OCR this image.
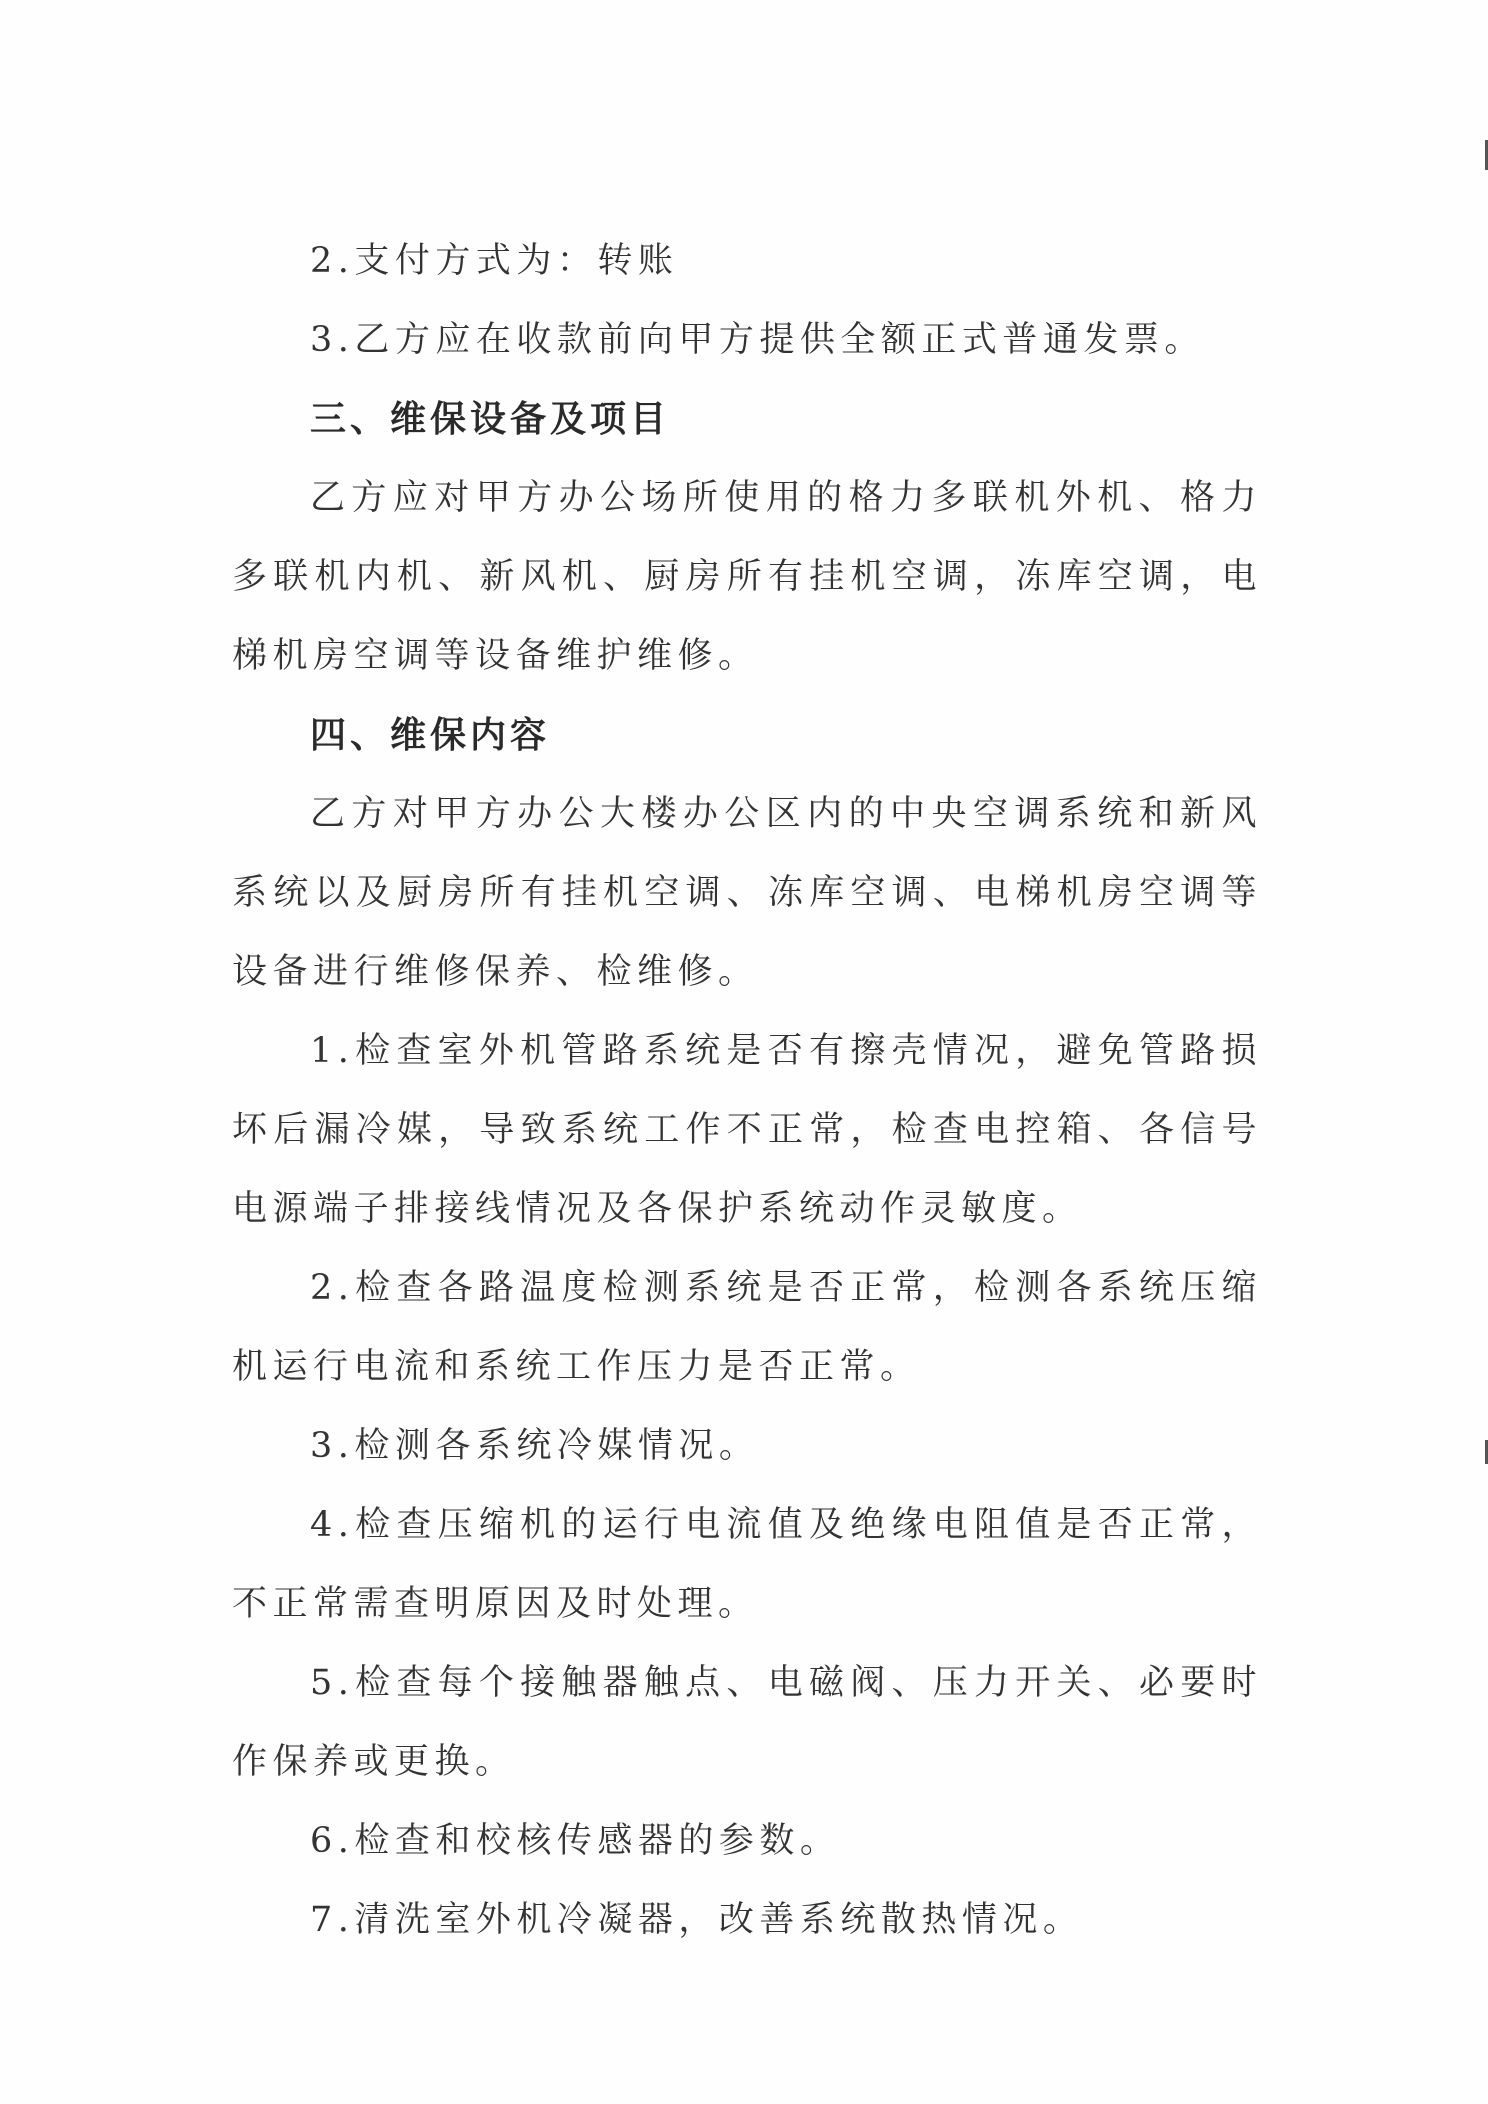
2.支付方式为：转账

3.乙方应在收款前向甲方提供全额正式普通发票。

三、维保设备及项目

乙方应对甲方办公场所使用的格力多联机外机、格力多联机内机、新风机、厨房所有挂机空调，冻库空调，电梯机房空调等设备维护维修。

四、维保内容

乙方对甲方办公大楼办公区内的中央空调系统和新风系统以及厨房所有挂机空调、冻库空调、电梯机房空调等设备进行维修保养、检维修。

1.检查室外机管路系统是否有擦壳情况，避免管路损坏后漏冷媒，导致系统工作不正常，检查电控箱、各信号电源端子排接线情况及各保护系统动作灵敏度。

2.检查各路温度检测系统是否正常，检测各系统压缩机运行电流和系统工作压力是否正常。

3.检测各系统冷媒情况。

4.检查压缩机的运行电流值及绝缘电阻值是否正常，不正常需查明原因及时处理。

5.检查每个接触器触点、电磁阀、压力开关、必要时作保养或更换。

6.检查和校核传感器的参数。

7.清洗室外机冷凝器，改善系统散热情况。
